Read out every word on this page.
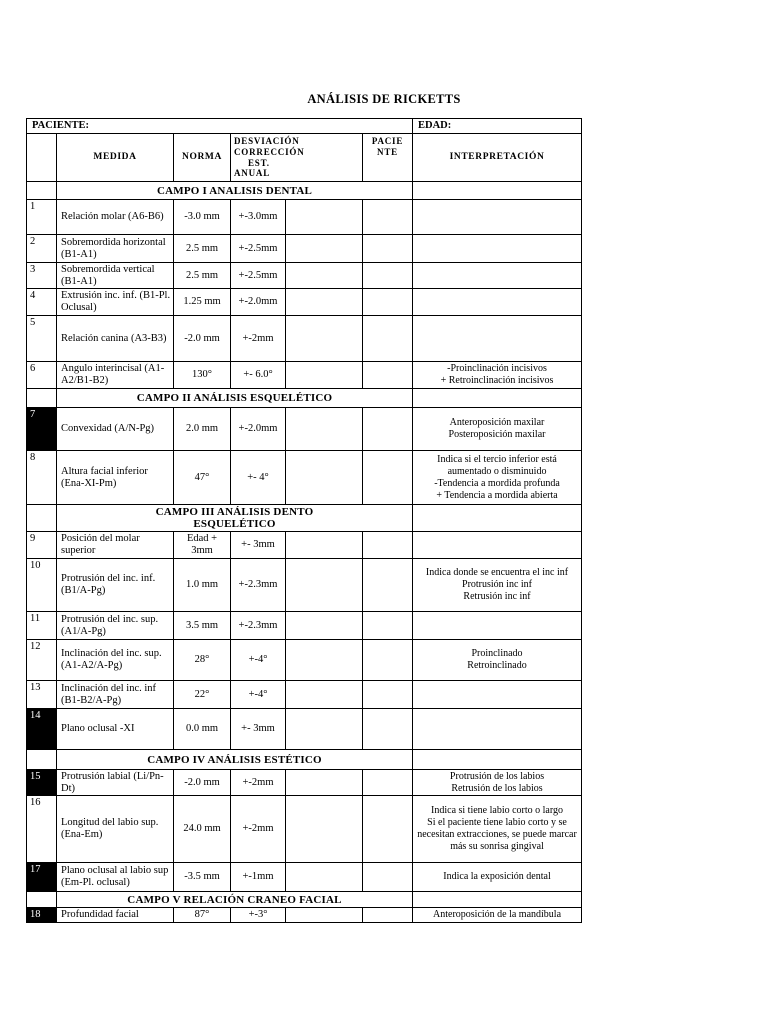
ANÁLISIS DE RICKETTS
PACIENTE:						EDAD:
	MEDIDA	NORMA	DESVIACIÓN
CORRECCIÓN
EST.
ANUAL		PACIE
NTE	INTERPRETACIÓN
	CAMPO I ANALISIS DENTAL					
1	Relación molar (A6-B6)	-3.0 mm	+-3.0mm			
2	Sobremordida horizontal (B1-A1)	2.5 mm	+-2.5mm			
3	Sobremordida vertical (B1-A1)	2.5 mm	+-2.5mm			
4	Extrusión inc. inf. (B1-Pl. Oclusal)	1.25 mm	+-2.0mm			
5	Relación canina (A3-B3)	-2.0 mm	+-2mm			
6	Angulo interincisal (A1-A2/B1-B2)	130°	+- 6.0°			-Proinclinación incisivos
+ Retroinclinación incisivos

	CAMPO II ANÁLISIS ESQUELÉTICO					
7	Convexidad (A/N-Pg)	2.0 mm	+-2.0mm			Anteroposición maxilar
Posteroposición maxilar

8	Altura facial inferior (Ena-XI-Pm)	47°	+- 4°			Indica si el tercio inferior está aumentado o disminuido
-Tendencia a mordida profunda
+ Tendencia a mordida abierta

	CAMPO III ANÁLISIS DENTO ESQUELÉTICO					
9	Posición del molar superior	Edad + 3mm	+- 3mm			
10	Protrusión del inc. inf. (B1/A-Pg)	1.0 mm	+-2.3mm			Indica donde se encuentra el inc inf
Protrusión inc inf
Retrusión inc inf

11	Protrusión del inc. sup. (A1/A-Pg)	3.5 mm	+-2.3mm			
12	Inclinación del inc. sup. (A1-A2/A-Pg)	28°	+-4°			Proinclinado
Retroinclinado

13	Inclinación del inc. inf (B1-B2/A-Pg)	22°	+-4°			
14	Plano oclusal -XI	0.0 mm	+- 3mm			
	CAMPO IV ANÁLISIS ESTÉTICO					
15	Protrusión labial (Li/Pn-Dt)	-2.0 mm	+-2mm			Protrusión de los labios
Retrusión de los labios

16	Longitud del labio sup. (Ena-Em)	24.0 mm	+-2mm			Indica si tiene labio corto o largo
Si el paciente tiene labio corto y se necesitan extracciones, se puede marcar más su sonrisa gingival

17	Plano oclusal al labio sup (Em-Pl. oclusal)	-3.5 mm	+-1mm			Indica la exposición dental

	CAMPO V RELACIÓN CRANEO FACIAL					
18	Profundidad facial	87°	+-3°			Anteroposición de la mandíbula
